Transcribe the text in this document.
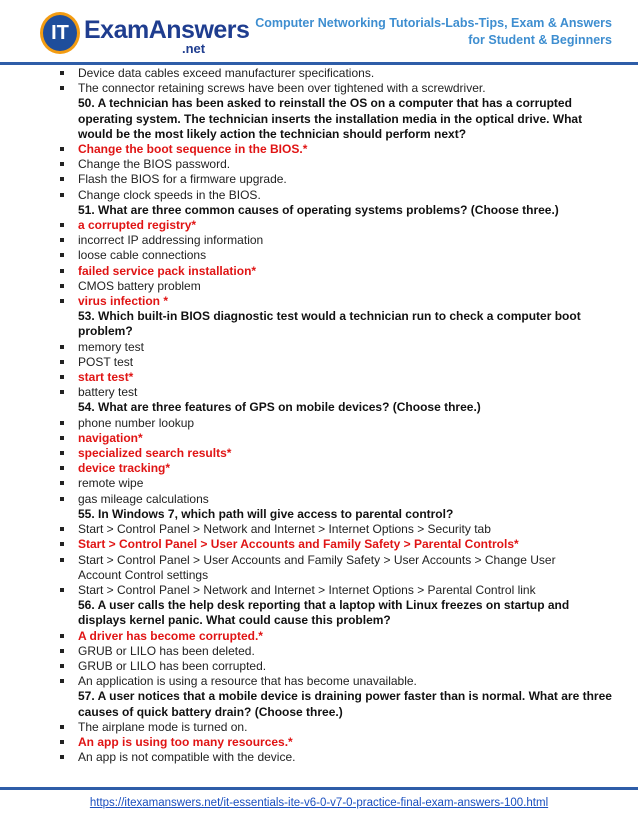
IT ExamAnswers
.net
Computer Networking Tutorials-Labs-Tips, Exam & Answers
for Student & Beginners
Device data cables exceed manufacturer specifications.
The connector retaining screws have been over tightened with a screwdriver.
50. A technician has been asked to reinstall the OS on a computer that has a corrupted
operating system. The technician inserts the installation media in the optical drive. What
would be the most likely action the technician should perform next?
Change the boot sequence in the BIOS.*
Change the BIOS password.
Flash the BIOS for a firmware upgrade.
Change clock speeds in the BIOS.
51. What are three common causes of operating systems problems? (Choose three.)
a corrupted registry*
incorrect IP addressing information
loose cable connections
failed service pack installation*
CMOS battery problem
virus infection *
53. Which built-in BIOS diagnostic test would a technician run to check a computer boot
problem?
memory test
POST test
start test*
battery test
54. What are three features of GPS on mobile devices? (Choose three.)
phone number lookup
navigation*
specialized search results*
device tracking*
remote wipe
gas mileage calculations
55. In Windows 7, which path will give access to parental control?
Start > Control Panel > Network and Internet > Internet Options > Security tab
Start > Control Panel > User Accounts and Family Safety > Parental Controls*
Start > Control Panel > User Accounts and Family Safety > User Accounts > Change User
Account Control settings
Start > Control Panel > Network and Internet > Internet Options > Parental Control link
56. A user calls the help desk reporting that a laptop with Linux freezes on startup and
displays kernel panic. What could cause this problem?
A driver has become corrupted.*
GRUB or LILO has been deleted.
GRUB or LILO has been corrupted.
An application is using a resource that has become unavailable.
57. A user notices that a mobile device is draining power faster than is normal. What are three
causes of quick battery drain? (Choose three.)
The airplane mode is turned on.
An app is using too many resources.*
An app is not compatible with the device.
https://itexamanswers.net/it-essentials-ite-v6-0-v7-0-practice-final-exam-answers-100.html
